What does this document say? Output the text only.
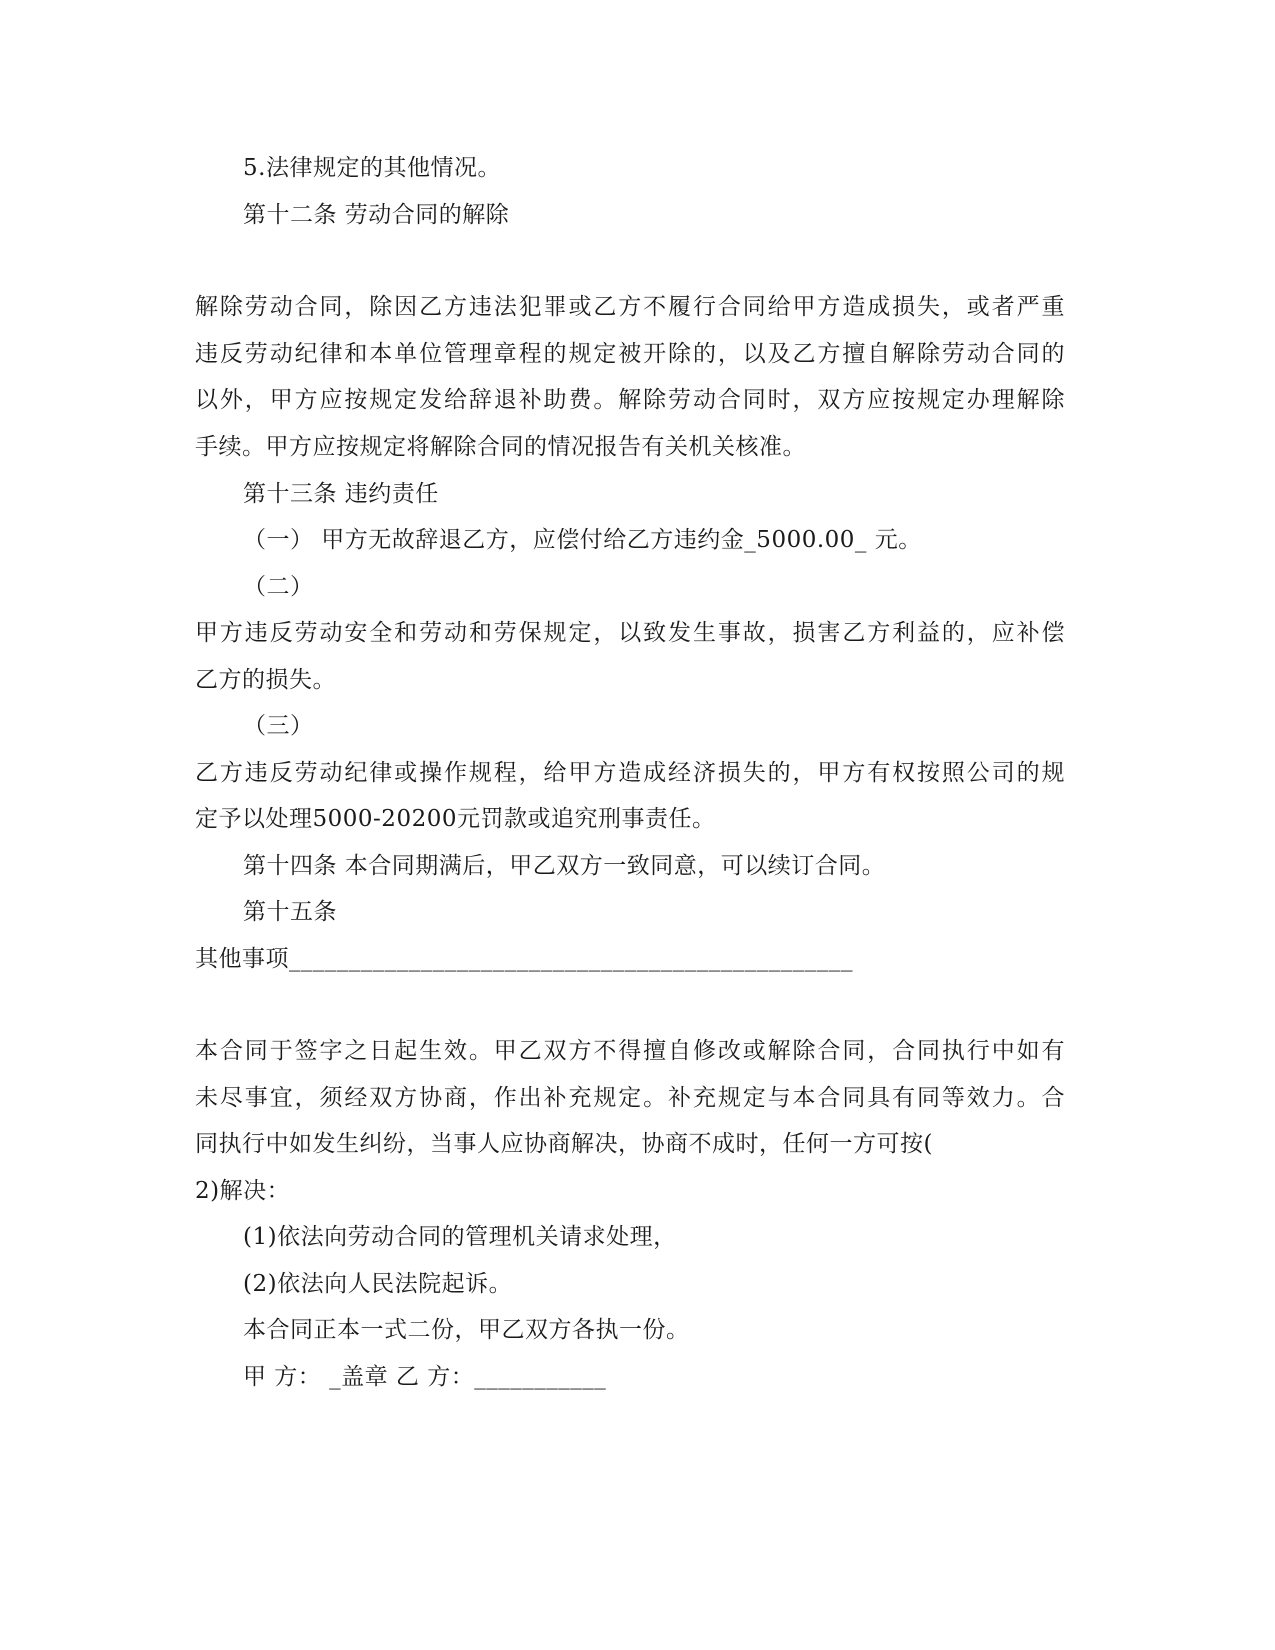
5.法律规定的其他情况。
第十二条 劳动合同的解除
解除劳动合同，除因乙方违法犯罪或乙方不履行合同给甲方造成损失，或者严重
违反劳动纪律和本单位管理章程的规定被开除的，以及乙方擅自解除劳动合同的
以外，甲方应按规定发给辞退补助费。解除劳动合同时，双方应按规定办理解除
手续。甲方应按规定将解除合同的情况报告有关机关核准。
第十三条 违约责任
（一） 甲方无故辞退乙方，应偿付给乙方违约金_5000.00_ 元。
（二）
甲方违反劳动安全和劳动和劳保规定，以致发生事故，损害乙方利益的，应补偿
乙方的损失。
（三）
乙方违反劳动纪律或操作规程，给甲方造成经济损失的，甲方有权按照公司的规
定予以处理5000-20200元罚款或追究刑事责任。
第十四条 本合同期满后，甲乙双方一致同意，可以续订合同。
第十五条
其他事项_______________________________________________
本合同于签字之日起生效。甲乙双方不得擅自修改或解除合同，合同执行中如有
未尽事宜，须经双方协商，作出补充规定。补充规定与本合同具有同等效力。合
同执行中如发生纠纷，当事人应协商解决，协商不成时，任何一方可按(
2)解决：
(1)依法向劳动合同的管理机关请求处理，
(2)依法向人民法院起诉。
本合同正本一式二份，甲乙双方各执一份。
甲 方： _盖章 乙 方：___________
